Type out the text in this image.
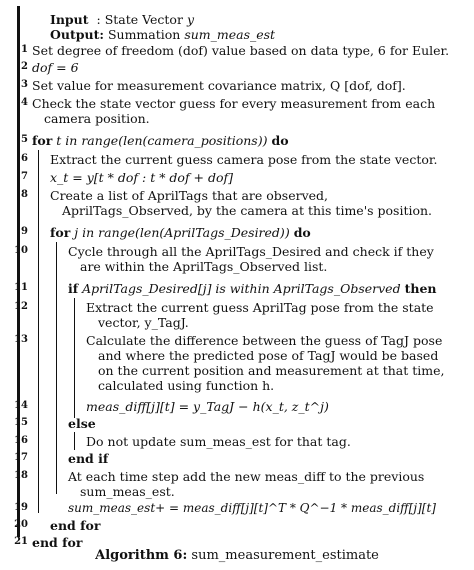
Input : State Vector y
Output: Summation sum_meas_est
1 Set degree of freedom (dof) value based on data type, 6 for Euler.
2 dof = 6
3 Set value for measurement covariance matrix, Q [dof, dof].
4 Check the state vector guess for every measurement from each
camera position.
5 for t in range(len(camera_positions)) do
6 Extract the current guess camera pose from the state vector.
7 x_t = y[t * dof : t * dof + dof]
8 Create a list of AprilTags that are observed,
AprilTags_Observed, by the camera at this time's position.
9 for j in range(len(AprilTags_Desired)) do
10	Cycle through all the AprilTags_Desired and check if they
are within the AprilTags_Observed list.
11	if AprilTags_Desired[j] is within AprilTags_Observed then
12	Extract the current guess AprilTag pose from the state
vector, y_TagJ.
13	Calculate the difference between the guess of TagJ pose
and where the predicted pose of TagJ would be based
on the current position and measurement at that time,
calculated using function h.
14	meas_diff[j][t] = y_TagJ − h(x_t, z_t^j)
15	else
16	Do not update sum_meas_est for that tag.
17	end if
18	At each time step add the new meas_diff to the previous
sum_meas_est.
19	sum_meas_est+ = meas_diff[j][t]^T * Q^−1 * meas_diff[j][t]
20 end for
21 end for
Algorithm 6: sum_measurement_estimate
